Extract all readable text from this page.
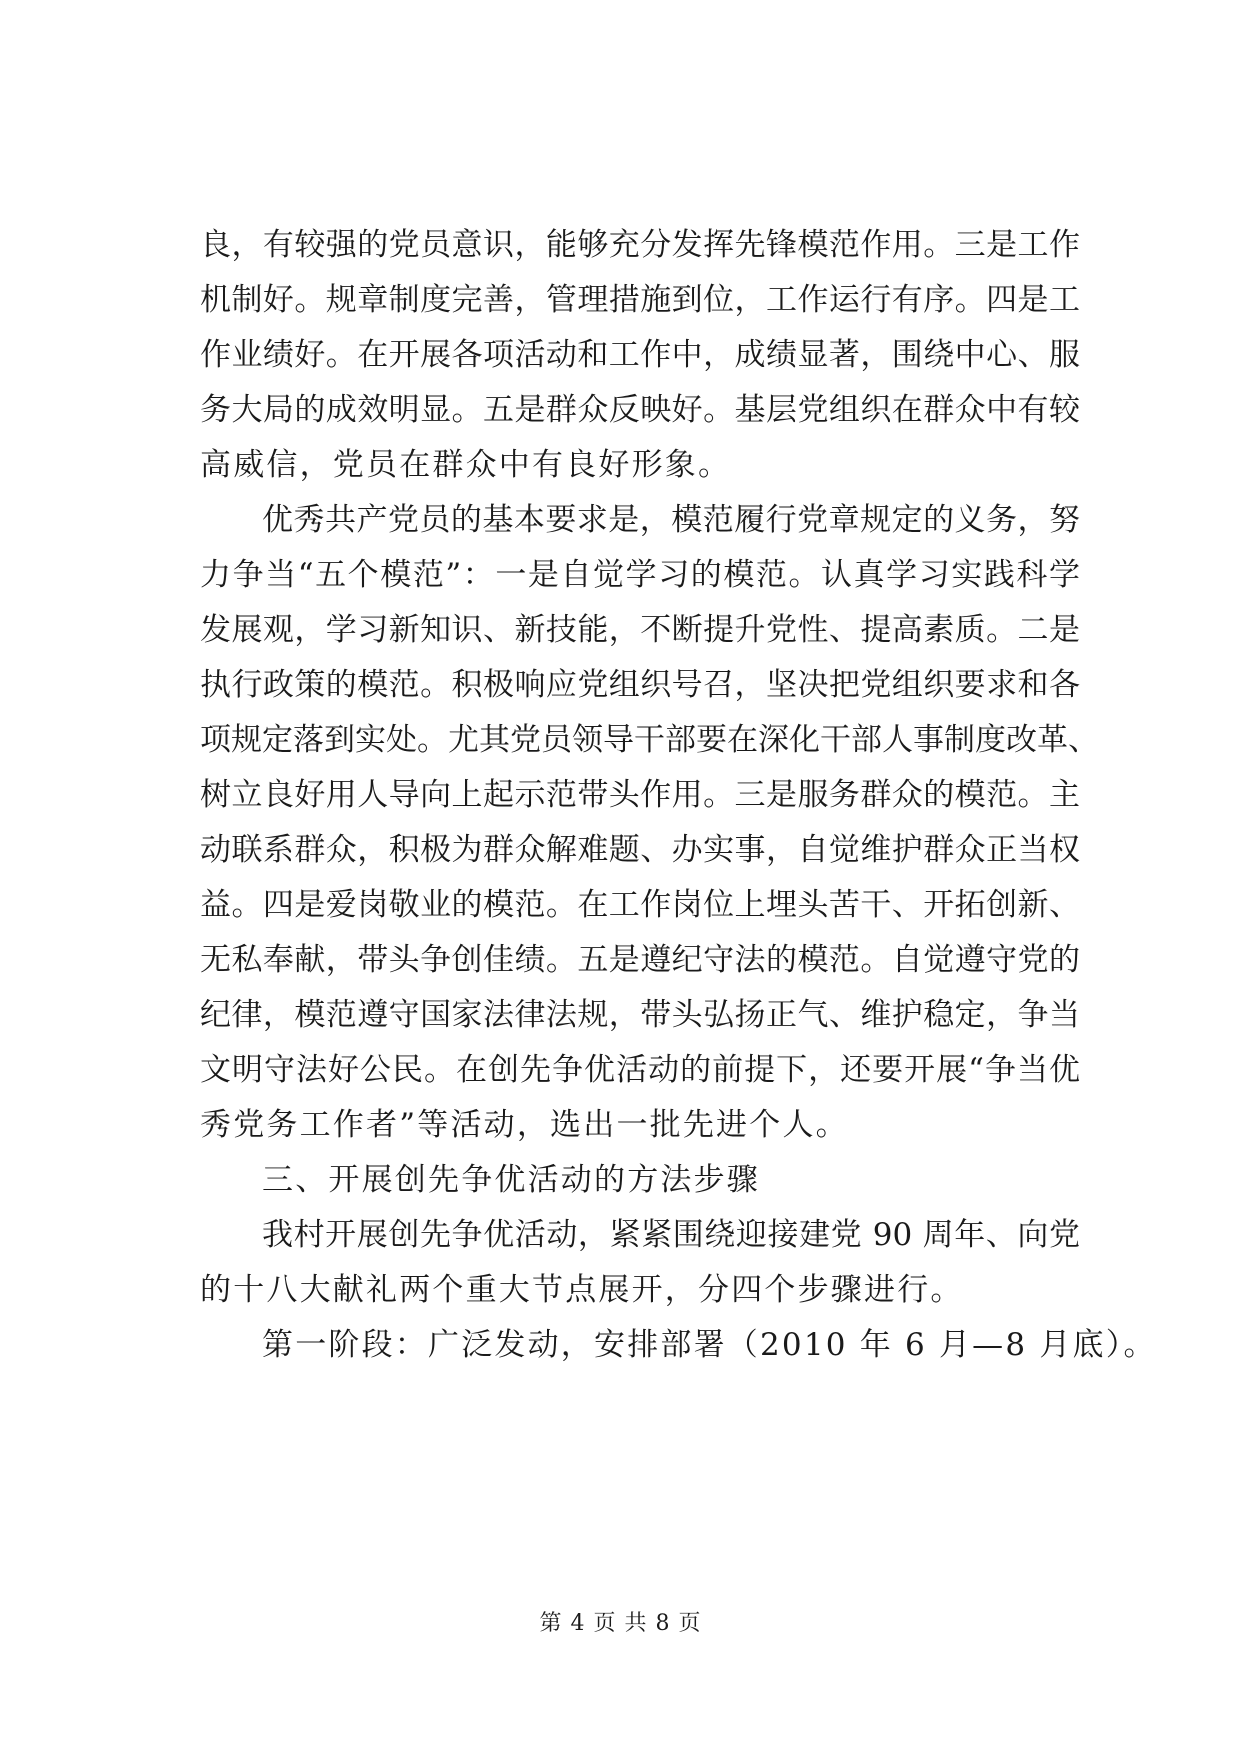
良，有较强的党员意识，能够充分发挥先锋模范作用。三是工作
机制好。规章制度完善，管理措施到位，工作运行有序。四是工
作业绩好。在开展各项活动和工作中，成绩显著，围绕中心、服
务大局的成效明显。五是群众反映好。基层党组织在群众中有较
高威信，党员在群众中有良好形象。
优秀共产党员的基本要求是，模范履行党章规定的义务，努
力争当“五个模范”：一是自觉学习的模范。认真学习实践科学
发展观，学习新知识、新技能，不断提升党性、提高素质。二是
执行政策的模范。积极响应党组织号召，坚决把党组织要求和各
项规定落到实处。尤其党员领导干部要在深化干部人事制度改革、
树立良好用人导向上起示范带头作用。三是服务群众的模范。主
动联系群众，积极为群众解难题、办实事，自觉维护群众正当权
益。四是爱岗敬业的模范。在工作岗位上埋头苦干、开拓创新、
无私奉献，带头争创佳绩。五是遵纪守法的模范。自觉遵守党的
纪律，模范遵守国家法律法规，带头弘扬正气、维护稳定，争当
文明守法好公民。在创先争优活动的前提下，还要开展“争当优
秀党务工作者”等活动，选出一批先进个人。
三、开展创先争优活动的方法步骤
我村开展创先争优活动，紧紧围绕迎接建党 90 周年、向党
的十八大献礼两个重大节点展开，分四个步骤进行。
第一阶段：广泛发动，安排部署（2010 年 6 月—8 月底）。
第 4 页 共 8 页
